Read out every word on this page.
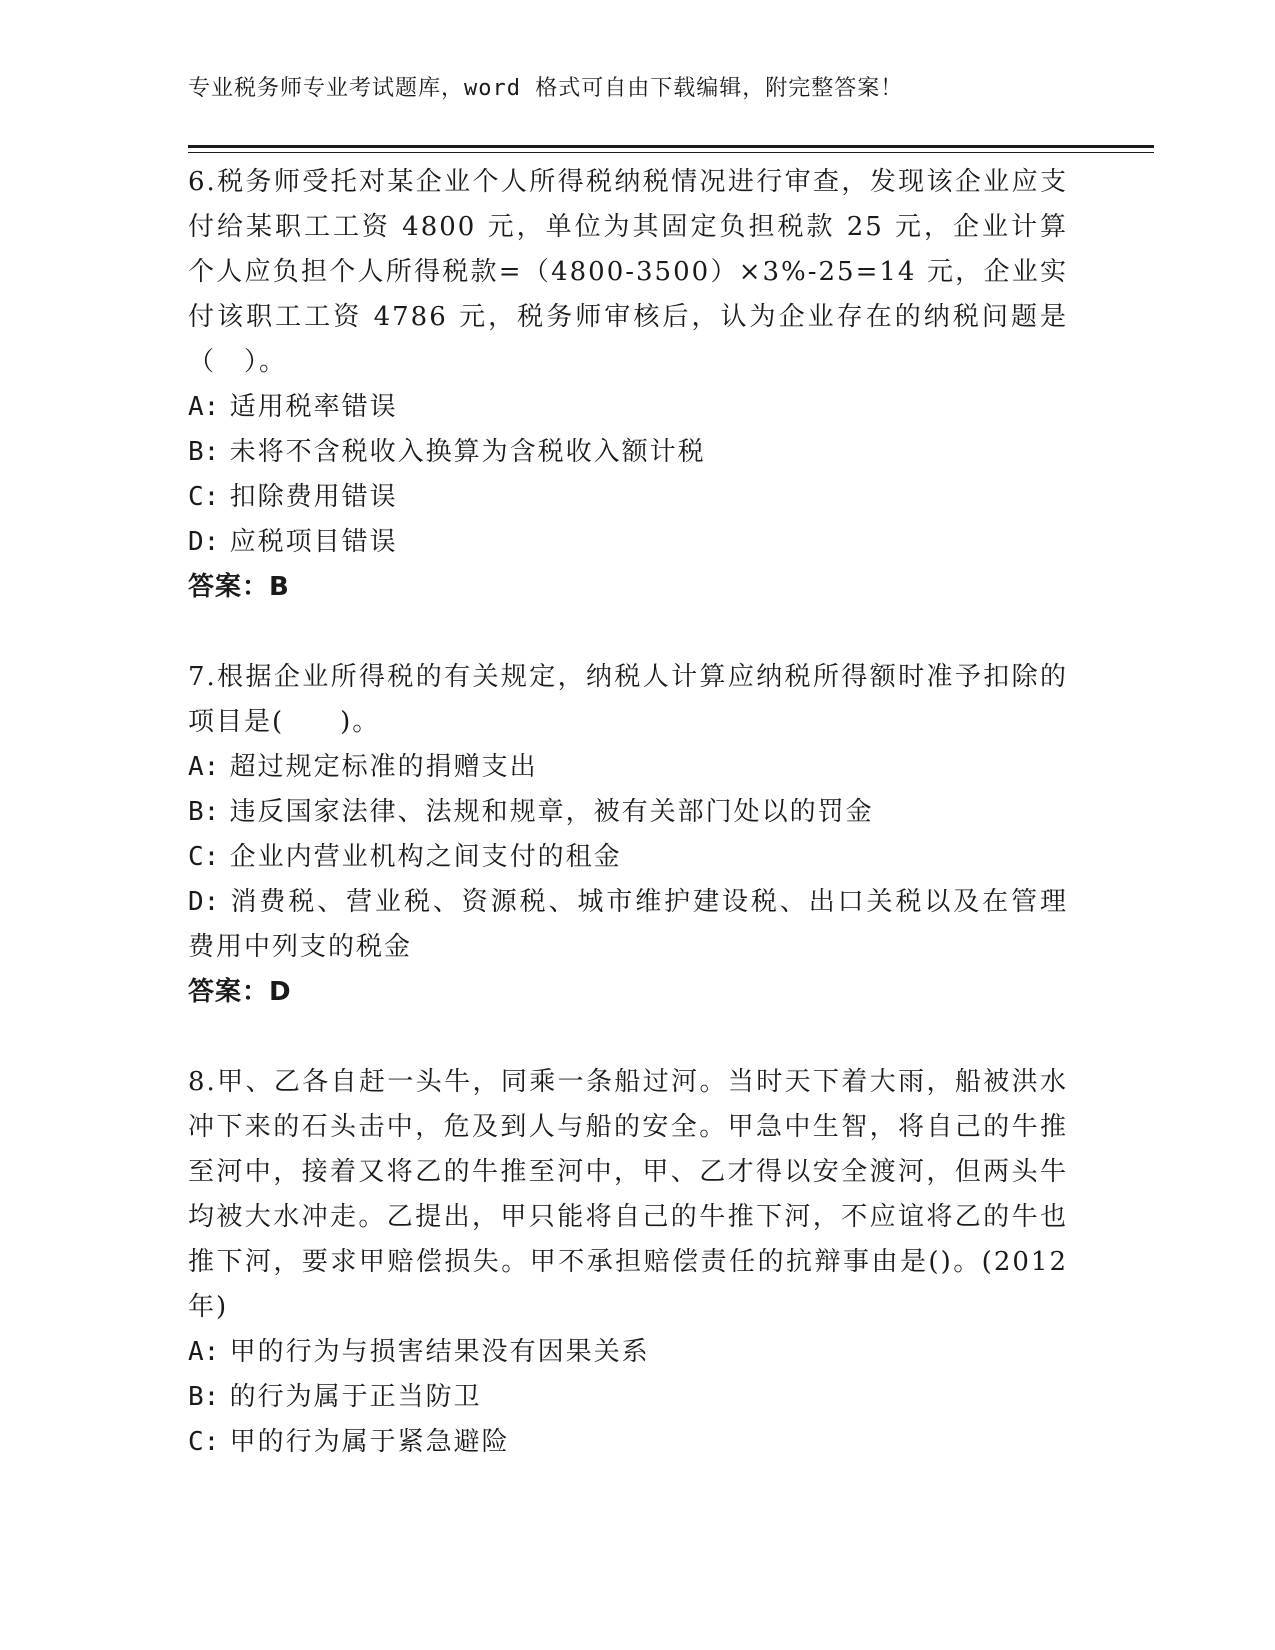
专业税务师专业考试题库，word 格式可自由下载编辑，附完整答案！
6.税务师受托对某企业个人所得税纳税情况进行审查，发现该企业应支付给某职工工资 4800 元，单位为其固定负担税款 25 元，企业计算个人应负担个人所得税款=（4800-3500）×3%-25=14 元，企业实付该职工工资 4786 元，税务师审核后，认为企业存在的纳税问题是（　）。
A: 适用税率错误
B: 未将不含税收入换算为含税收入额计税
C: 扣除费用错误
D: 应税项目错误
答案：B
7.根据企业所得税的有关规定，纳税人计算应纳税所得额时准予扣除的项目是(　　)。
A: 超过规定标准的捐赠支出
B: 违反国家法律、法规和规章，被有关部门处以的罚金
C: 企业内营业机构之间支付的租金
D: 消费税、营业税、资源税、城市维护建设税、出口关税以及在管理费用中列支的税金
答案：D
8.甲、乙各自赶一头牛，同乘一条船过河。当时天下着大雨，船被洪水冲下来的石头击中，危及到人与船的安全。甲急中生智，将自己的牛推至河中，接着又将乙的牛推至河中，甲、乙才得以安全渡河，但两头牛均被大水冲走。乙提出，甲只能将自己的牛推下河，不应谊将乙的牛也推下河，要求甲赔偿损失。甲不承担赔偿责任的抗辩事由是()。(2012 年)
A: 甲的行为与损害结果没有因果关系
B: 的行为属于正当防卫
C: 甲的行为属于紧急避险
